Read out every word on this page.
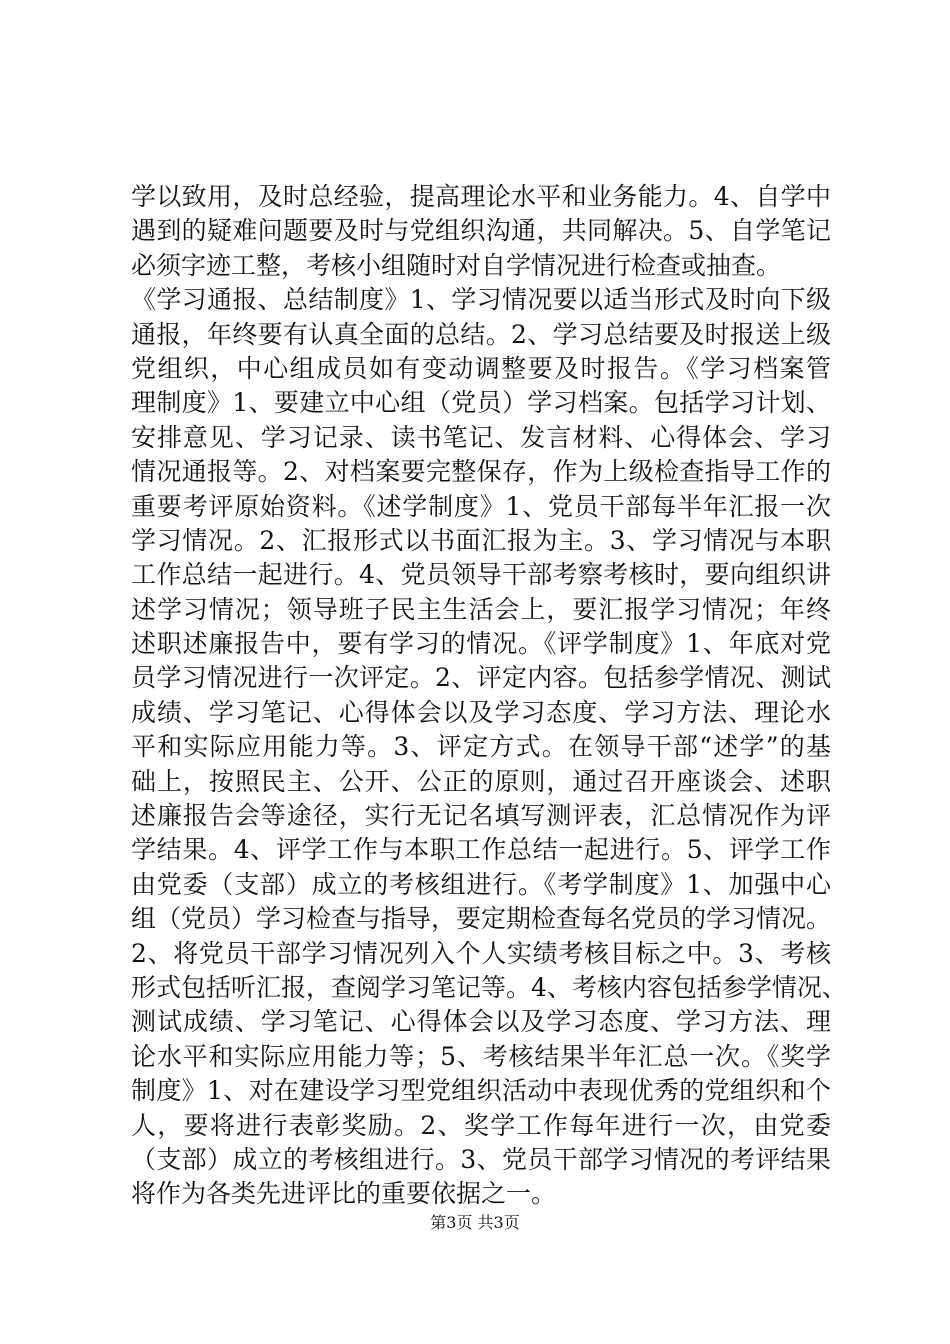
学以致用，及时总经验，提高理论水平和业务能力。4、自学中
遇到的疑难问题要及时与党组织沟通，共同解决。5、自学笔记
必须字迹工整，考核小组随时对自学情况进行检查或抽查。
《学习通报、总结制度》1、学习情况要以适当形式及时向下级
通报，年终要有认真全面的总结。2、学习总结要及时报送上级
党组织，中心组成员如有变动调整要及时报告。《学习档案管
理制度》1、要建立中心组（党员）学习档案。包括学习计划、
安排意见、学习记录、读书笔记、发言材料、心得体会、学习
情况通报等。2、对档案要完整保存，作为上级检查指导工作的
重要考评原始资料。《述学制度》1、党员干部每半年汇报一次
学习情况。2、汇报形式以书面汇报为主。3、学习情况与本职
工作总结一起进行。4、党员领导干部考察考核时，要向组织讲
述学习情况；领导班子民主生活会上，要汇报学习情况；年终
述职述廉报告中，要有学习的情况。《评学制度》1、年底对党
员学习情况进行一次评定。2、评定内容。包括参学情况、测试
成绩、学习笔记、心得体会以及学习态度、学习方法、理论水
平和实际应用能力等。3、评定方式。在领导干部“述学”的基
础上，按照民主、公开、公正的原则，通过召开座谈会、述职
述廉报告会等途径，实行无记名填写测评表，汇总情况作为评
学结果。4、评学工作与本职工作总结一起进行。5、评学工作
由党委（支部）成立的考核组进行。《考学制度》1、加强中心
组（党员）学习检查与指导，要定期检查每名党员的学习情况。
2、将党员干部学习情况列入个人实绩考核目标之中。3、考核
形式包括听汇报，查阅学习笔记等。4、考核内容包括参学情况、
测试成绩、学习笔记、心得体会以及学习态度、学习方法、理
论水平和实际应用能力等；5、考核结果半年汇总一次。《奖学
制度》1、对在建设学习型党组织活动中表现优秀的党组织和个
人，要将进行表彰奖励。2、奖学工作每年进行一次，由党委
（支部）成立的考核组进行。3、党员干部学习情况的考评结果
将作为各类先进评比的重要依据之一。
第3页 共3页
